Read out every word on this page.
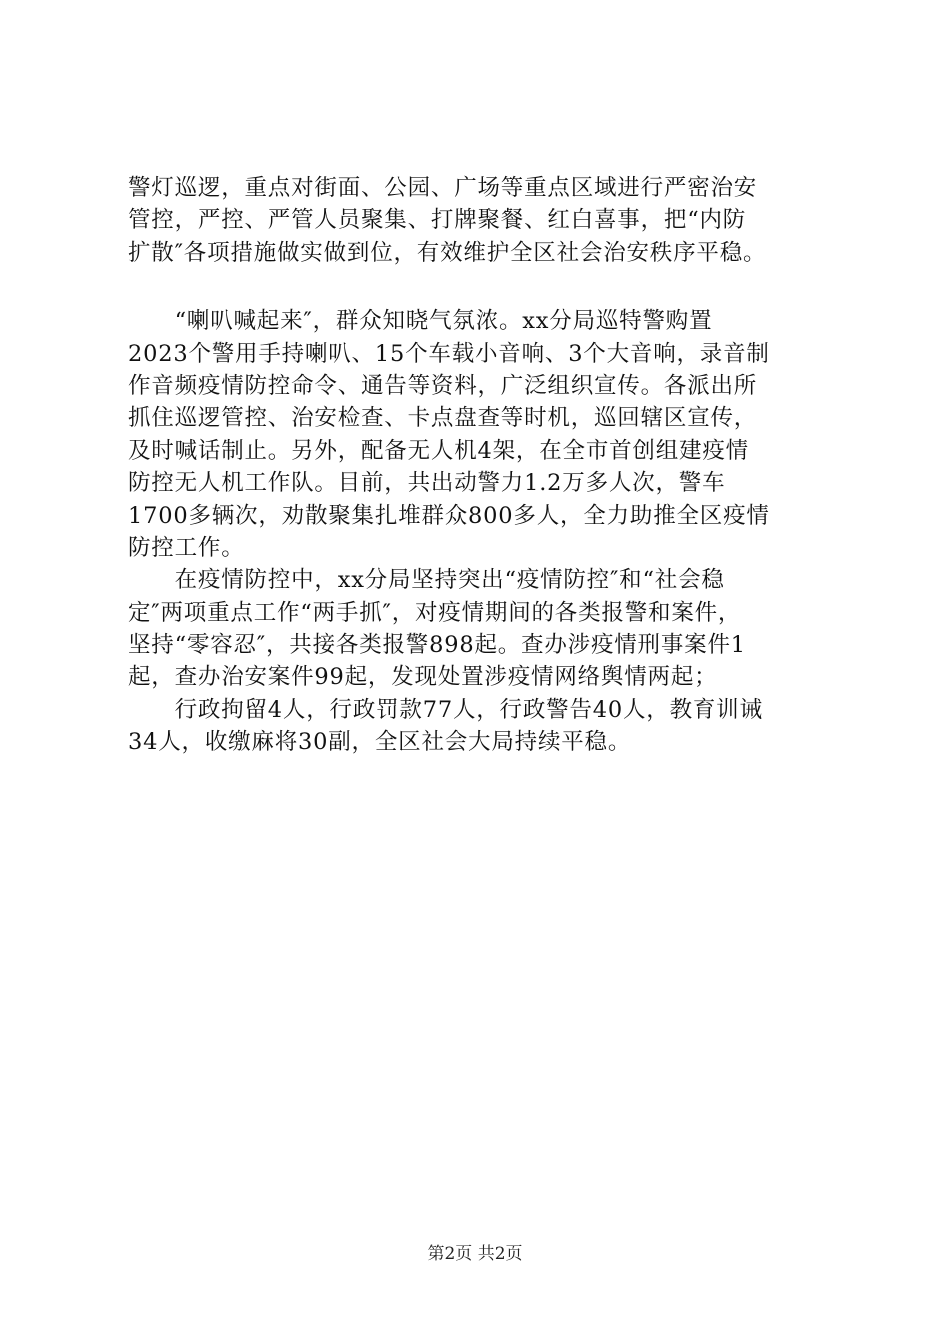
警灯巡逻，重点对街面、公园、广场等重点区域进行严密治安
管控，严控、严管人员聚集、打牌聚餐、红白喜事，把“内防
扩散″各项措施做实做到位，有效维护全区社会治安秩序平稳。
　　“喇叭喊起来″，群众知晓气氛浓。xx分局巡特警购置
2023个警用手持喇叭、15个车载小音响、3个大音响，录音制
作音频疫情防控命令、通告等资料，广泛组织宣传。各派出所
抓住巡逻管控、治安检查、卡点盘查等时机，巡回辖区宣传，
及时喊话制止。另外，配备无人机4架，在全市首创组建疫情
防控无人机工作队。目前，共出动警力1.2万多人次，警车
1700多辆次，劝散聚集扎堆群众800多人，全力助推全区疫情
防控工作。
　　在疫情防控中，xx分局坚持突出“疫情防控″和“社会稳
定″两项重点工作“两手抓″，对疫情期间的各类报警和案件，
坚持“零容忍″，共接各类报警898起。查办涉疫情刑事案件1
起，查办治安案件99起，发现处置涉疫情网络舆情两起；
　　行政拘留4人，行政罚款77人，行政警告40人，教育训诫
34人，收缴麻将30副，全区社会大局持续平稳。
第2页 共2页
